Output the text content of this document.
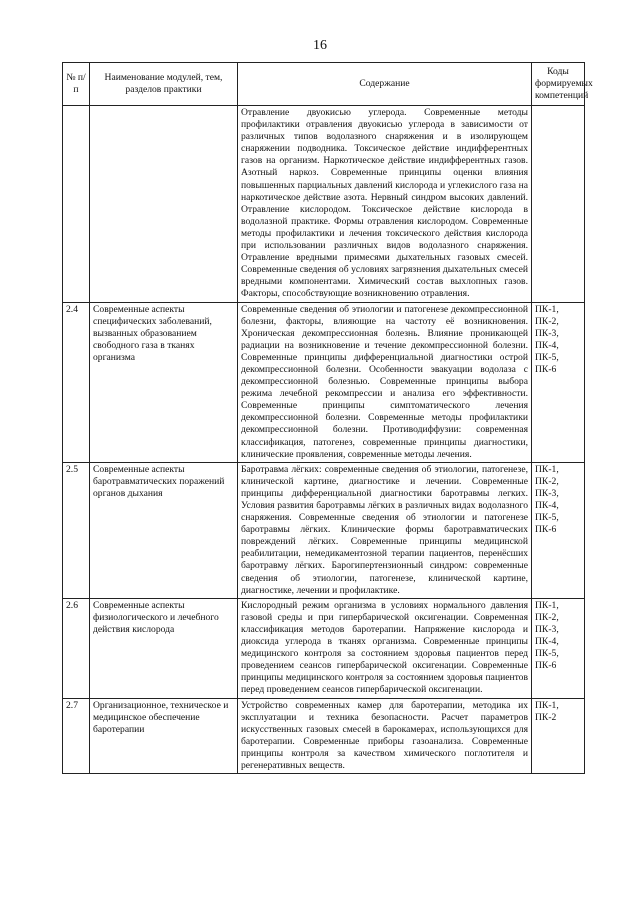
16
№ п/п	Наименование модулей, тем, разделов практики	Содержание	Коды формируемых компетенций
		Отравление двуокисью углерода. Современные методы профилактики отравления двуокисью углерода в зависимости от различных типов водолазного снаряжения и в изолирующем снаряжении подводника. Токсическое действие индифферентных газов на организм. Наркотическое действие индифферентных газов. Азотный наркоз. Современные принципы оценки влияния повышенных парциальных давлений кислорода и углекислого газа на наркотическое действие азота. Нервный синдром высоких давлений. Отравление кислородом. Токсическое действие кислорода в водолазной практике. Формы отравления кислородом. Современные методы профилактики и лечения токсического действия кислорода при использовании различных видов водолазного снаряжения. Отравление вредными примесями дыхательных газовых смесей. Современные сведения об условиях загрязнения дыхательных смесей вредными компонентами. Химический состав выхлопных газов. Факторы, способствующие возникновению отравления.	
2.4	Современные аспекты специфических заболеваний, вызванных образованием свободного газа в тканях организма	Современные сведения об этиологии и патогенезе декомпрессионной болезни, факторы, влияющие на частоту её возникновения. Хроническая декомпрессионная болезнь. Влияние проникающей радиации на возникновение и течение декомпрессионной болезни. Современные принципы дифференциальной диагностики острой декомпрессионной болезни. Особенности эвакуации водолаза с декомпрессионной болезнью. Современные принципы выбора режима лечебной рекомпрессии и анализа его эффективности. Современные принципы симптоматического лечения декомпрессионной болезни. Современные методы профилактики декомпрессионной болезни. Противодиффузии: современная классификация, патогенез, современные принципы диагностики, клинические проявления, современные методы лечения.	ПК-1, ПК-2, ПК-3, ПК-4, ПК-5, ПК-6
2.5	Современные аспекты баротравматических поражений органов дыхания	Баротравма лёгких: современные сведения об этиологии, патогенезе, клинической картине, диагностике и лечении. Современные принципы дифференциальной диагностики баротравмы легких. Условия развития баротравмы лёгких в различных видах водолазного снаряжения. Современные сведения об этиологии и патогенезе баротравмы лёгких. Клинические формы баротравматических повреждений лёгких. Современные принципы медицинской реабилитации, немедикаментозной терапии пациентов, перенёсших баротравму лёгких. Барогипертензионный синдром: современные сведения об этиологии, патогенезе, клинической картине, диагностике, лечении и профилактике.	ПК-1, ПК-2, ПК-3, ПК-4, ПК-5, ПК-6
2.6	Современные аспекты физиологического и лечебного действия кислорода	Кислородный режим организма в условиях нормального давления газовой среды и при гипербарической оксигенации. Современная классификация методов баротерапии. Напряжение кислорода и диоксида углерода в тканях организма. Современные принципы медицинского контроля за состоянием здоровья пациентов перед проведением сеансов гипербарической оксигенации. Современные принципы медицинского контроля за состоянием здоровья пациентов перед проведением сеансов гипербарической оксигенации.	ПК-1, ПК-2, ПК-3, ПК-4, ПК-5, ПК-6
2.7	Организационное, техническое и медицинское обеспечение баротерапии	Устройство современных камер для баротерапии, методика их эксплуатации и техника безопасности. Расчет параметров искусственных газовых смесей в барокамерах, использующихся для баротерапии. Современные приборы газоанализа. Современные принципы контроля за качеством химического поглотителя и регенеративных веществ.	ПК-1, ПК-2
